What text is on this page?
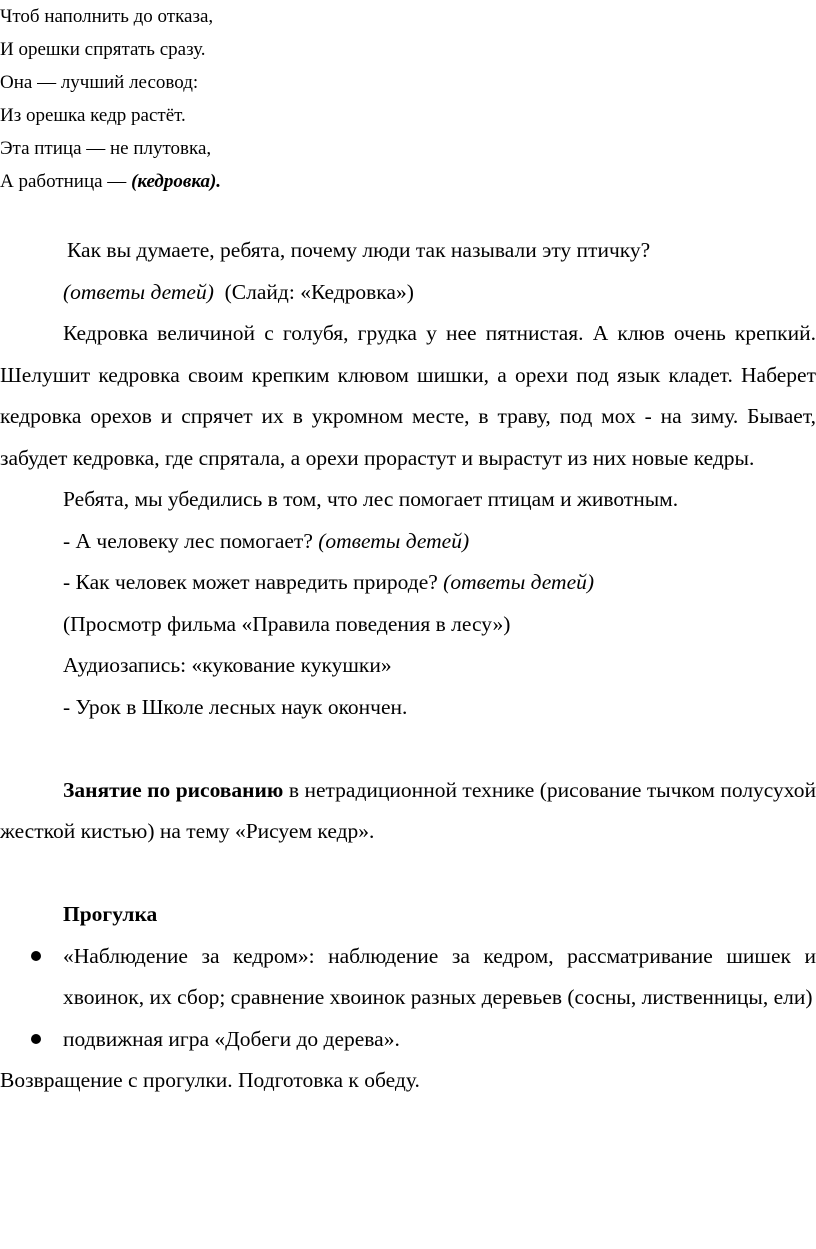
Чтоб наполнить до отказа,
И орешки спрятать сразу.
Она — лучший лесовод:
Из орешка кедр растёт.
Эта птица — не плутовка,
А работница — (кедровка).

Как вы думаете, ребята, почему люди так называли эту птичку?

(ответы детей) (Слайд: «Кедровка»)

Кедровка величиной с голубя, грудка у нее пятнистая. А клюв очень крепкий. Шелушит кедровка своим крепким клювом шишки, а орехи под язык кладет. Наберет кедровка орехов и спрячет их в укромном месте, в траву, под мох - на зиму. Бывает, забудет кедровка, где спрятала, а орехи прорастут и вырастут из них новые кедры.

Ребята, мы убедились в том, что лес помогает птицам и животным.

- А человеку лес помогает? (ответы детей)

- Как человек может навредить природе? (ответы детей)

(Просмотр фильма «Правила поведения в лесу»)

Аудиозапись: «кукование кукушки»

- Урок в Школе лесных наук окончен.

Занятие по рисованию в нетрадиционной технике (рисование тычком полусухой жесткой кистью) на тему «Рисуем кедр».

Прогулка

«Наблюдение за кедром»: наблюдение за кедром, рассматривание шишек и хвоинок, их сбор; сравнение хвоинок разных деревьев (сосны, лиственницы, ели)
подвижная игра «Добеги до дерева».

Возвращение с прогулки. Подготовка к обеду.
